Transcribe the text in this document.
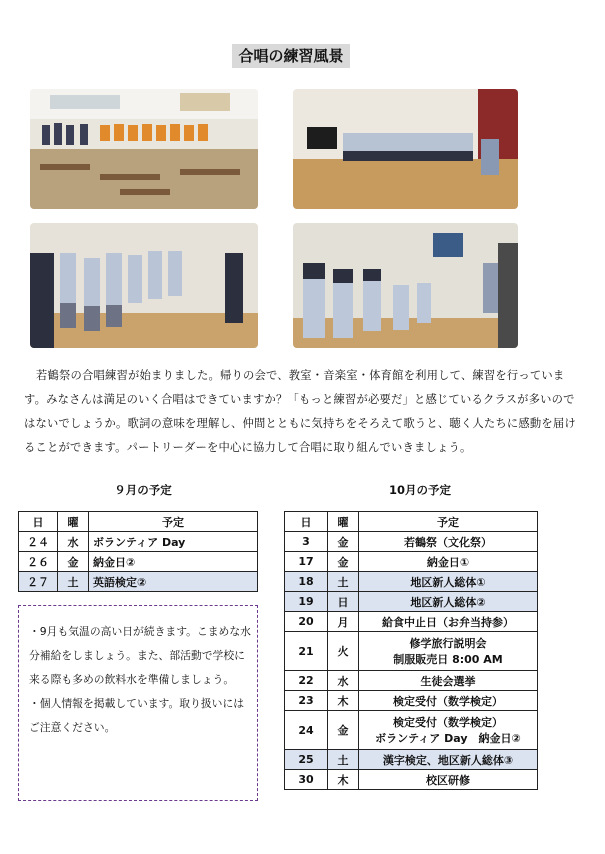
合唱の練習風景

若鶴祭の合唱練習が始まりました。帰りの会で、教室・音楽室・体育館を利用して、練習を行っています。みなさんは満足のいく合唱はできていますか？「もっと練習が必要だ」と感じているクラスが多いのではないでしょうか。歌詞の意味を理解し、仲間とともに気持ちをそろえて歌うと、聴く人たちに感動を届けることができます。パートリーダーを中心に協力して合唱に取り組んでいきましょう。

９月の予定	10月の予定
日	曜	予定
２４	水	ボランティア Day
２６	金	納金日②
２７	土	英語検定②

・9月も気温の高い日が続きます。こまめな水分補給をしましょう。また、部活動で学校に来る際も多めの飲料水を準備しましょう。

・個人情報を掲載しています。取り扱いにはご注意ください。

日	曜	予定
3	金	若鶴祭（文化祭）
17	金	納金日①
18	土	地区新人総体①
19	日	地区新人総体②
20	月	給食中止日（お弁当持参）
21	火	修学旅行説明会
制服販売日 8:00 AM

22	水	生徒会選挙
23	木	検定受付（数学検定）
24	金	検定受付（数学検定）
ボランティア Day　納金日②

25	土	漢字検定、地区新人総体③
30	木	校区研修
